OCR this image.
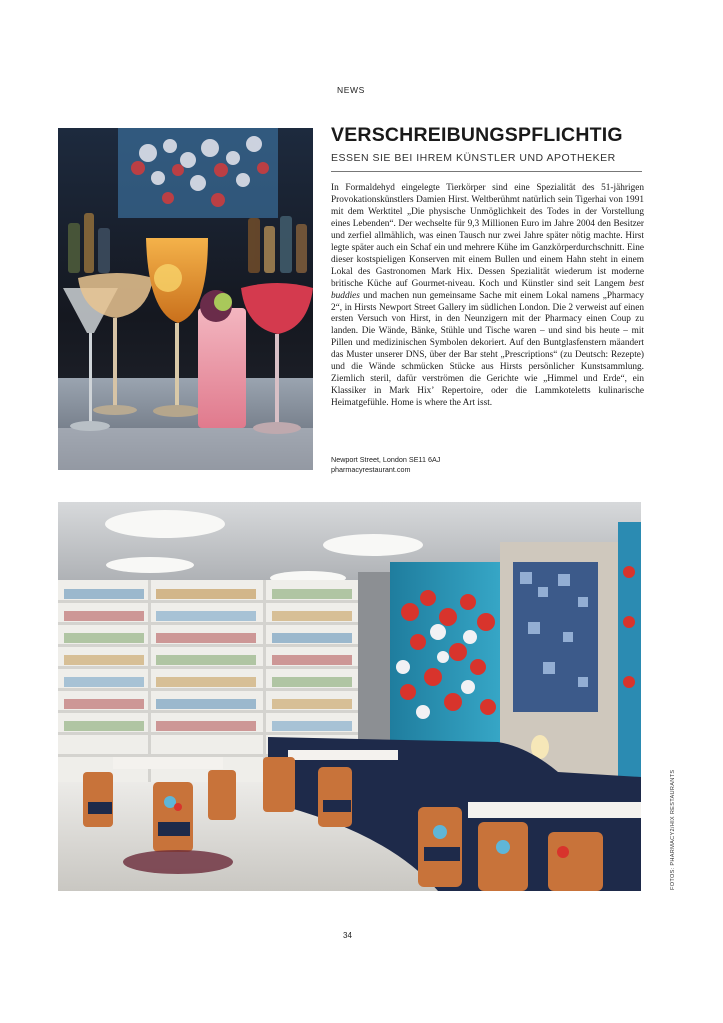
NEWS
VERSCHREIBUNGSPFLICHTIG
ESSEN SIE BEI IHREM KÜNSTLER UND APOTHEKER
In Formaldehyd eingelegte Tierkörper sind eine Spezialität des 51-jährigen Provokationskünstlers Damien Hirst. Weltberühmt natürlich sein Tigerhai von 1991 mit dem Werktitel „Die physische Unmöglichkeit des Todes in der Vorstellung eines Lebenden“. Der wechselte für 9,3 Millionen Euro im Jahre 2004 den Besitzer und zerfiel allmählich, was einen Tausch nur zwei Jahre später nötig machte. Hirst legte später auch ein Schaf ein und mehrere Kühe im Ganzkörperdurchschnitt. Eine dieser kostspieligen Konserven mit einem Bullen und einem Hahn steht in einem Lokal des Gastronomen Mark Hix. Dessen Spezialität wiederum ist moderne britische Küche auf Gourmet-niveau. Koch und Künstler sind seit Langem best buddies und machen nun gemeinsame Sache mit einem Lokal namens „Pharmacy 2“, in Hirsts Newport Street Gallery im südlichen London. Die 2 verweist auf einen ersten Versuch von Hirst, in den Neunzigern mit der Pharmacy einen Coup zu landen. Die Wände, Bänke, Stühle und Tische waren – und sind bis heute – mit Pillen und medizinischen Symbolen dekoriert. Auf den Buntglasfenstern mäandert das Muster unserer DNS, über der Bar steht „Prescriptions“ (zu Deutsch: Rezepte) und die Wände schmücken Stücke aus Hirsts persönlicher Kunstsammlung. Ziemlich steril, dafür verströmen die Gerichte wie „Himmel und Erde“, ein Klassiker in Mark Hix’ Repertoire, oder die Lammkoteletts kulinarische Heimatgefühle. Home is where the Art isst.
Newport Street, London SE11 6AJ
pharmacyrestaurant.com
FOTOS: PHARMACY2/HIX RESTAURANTS
34
